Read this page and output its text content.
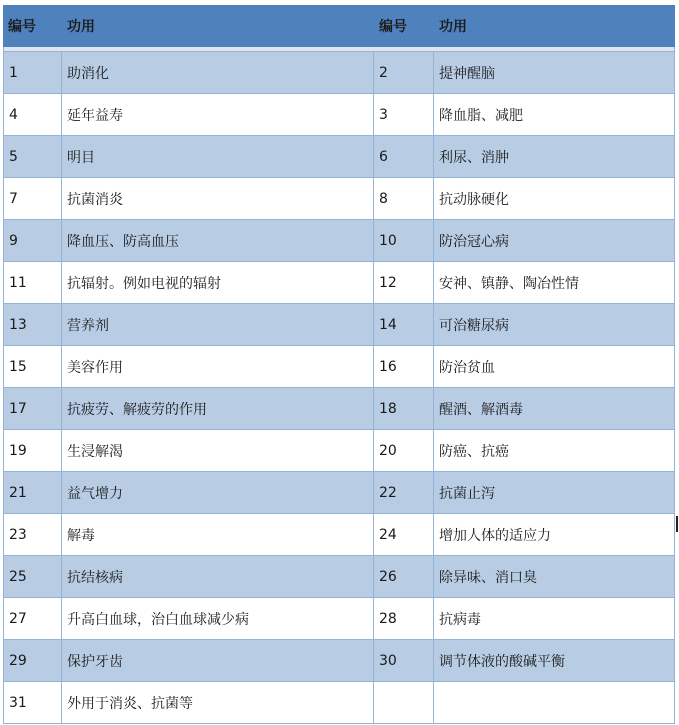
编号	功用	编号	功用

1	助消化	2	提神醒脑
4	延年益寿	3	降血脂、减肥
5	明目	6	利尿、消肿
7	抗菌消炎	8	抗动脉硬化
9	降血压、防高血压	10	防治冠心病
11	抗辐射。例如电视的辐射	12	安神、镇静、陶冶性情
13	营养剂	14	可治糖尿病
15	美容作用	16	防治贫血
17	抗疲劳、解疲劳的作用	18	醒酒、解酒毒
19	生浸解渴	20	防癌、抗癌
21	益气增力	22	抗菌止泻
23	解毒	24	增加人体的适应力
25	抗结核病	26	除异味、消口臭
27	升高白血球，治白血球减少病	28	抗病毒
29	保护牙齿	30	调节体液的酸碱平衡
31	外用于消炎、抗菌等		
